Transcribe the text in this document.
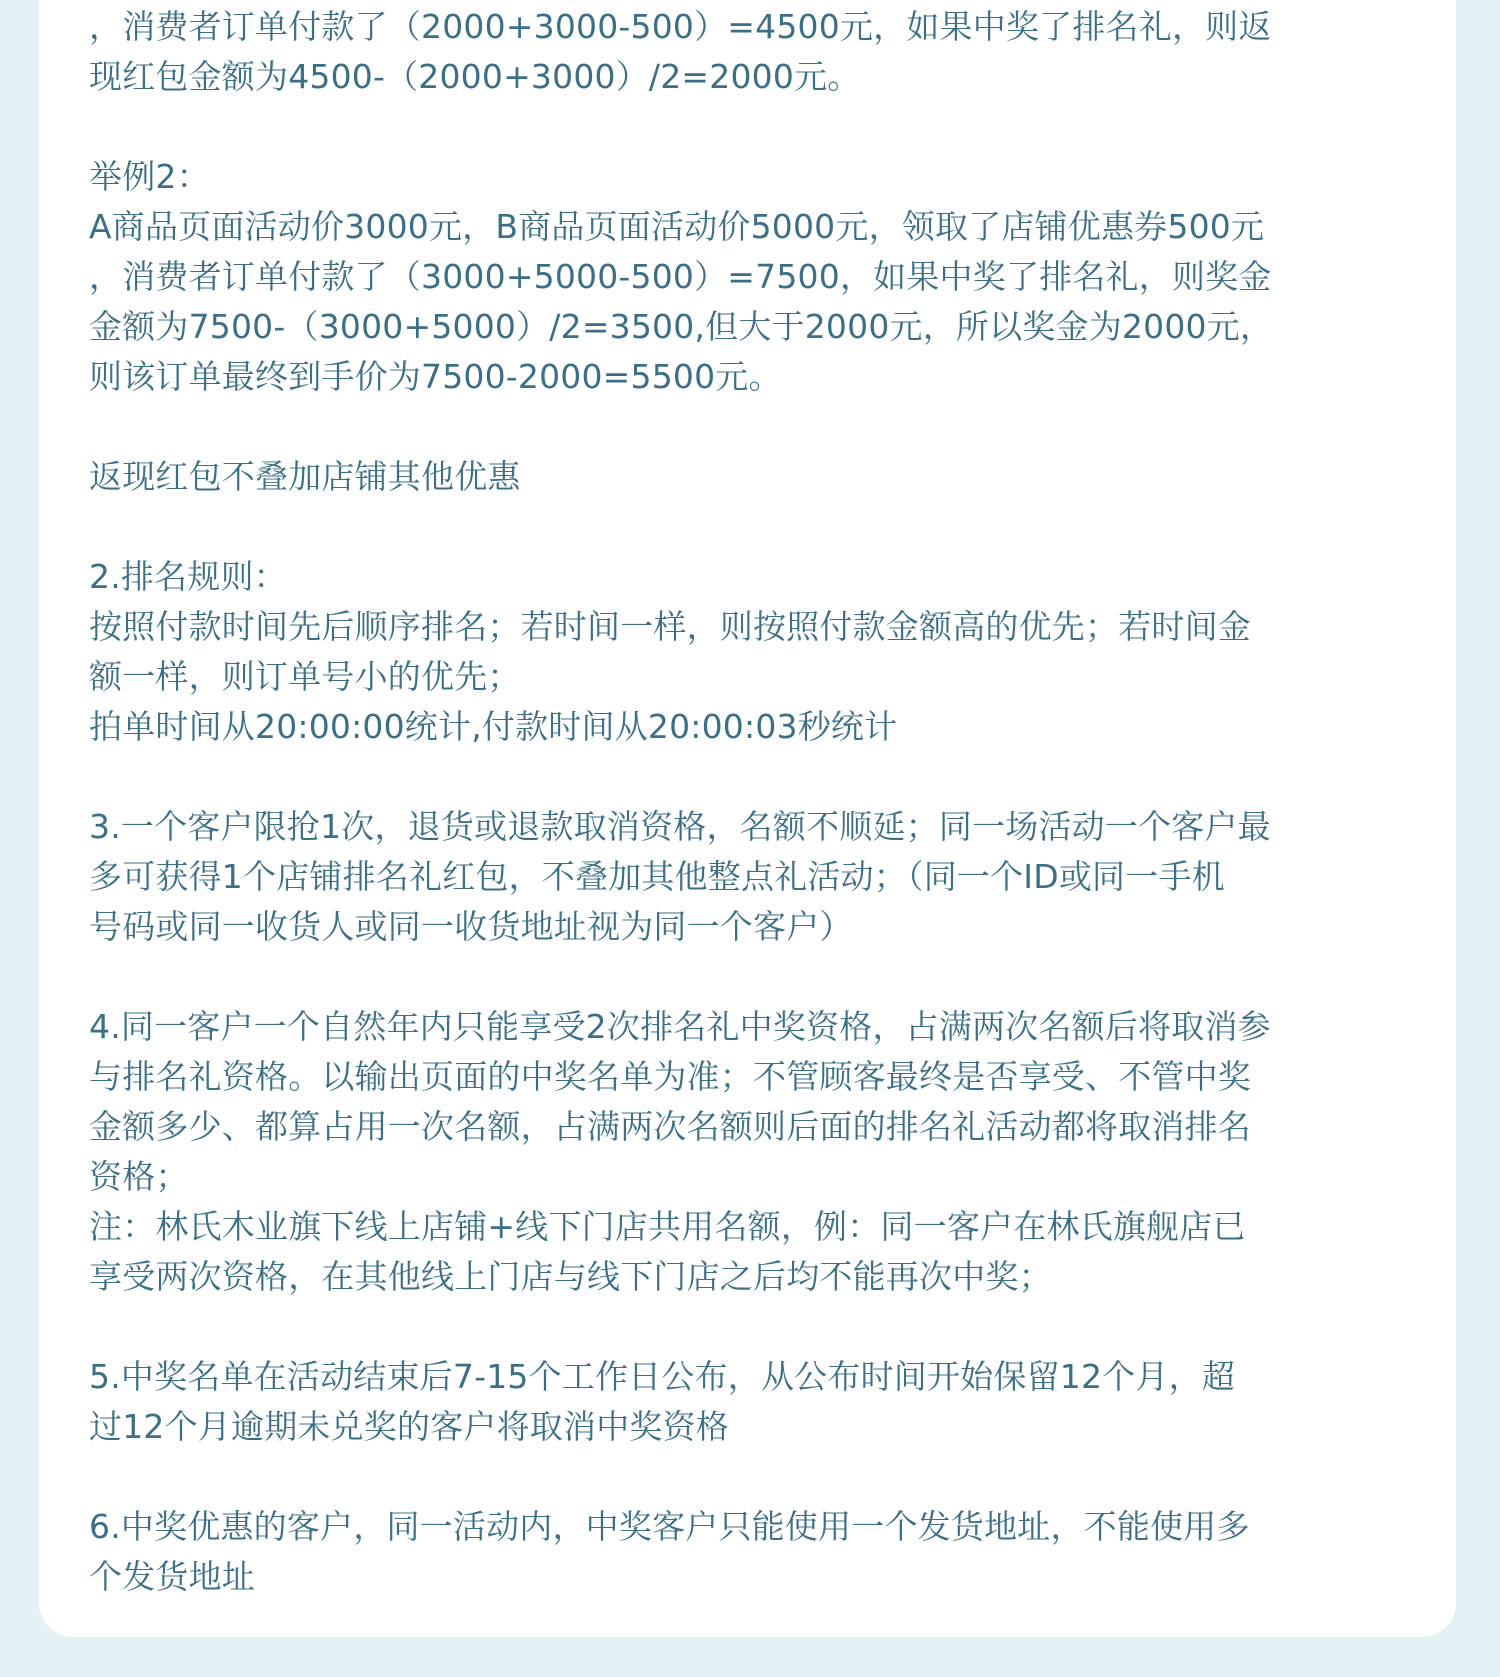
，消费者订单付款了（2000+3000-500）=4500元，如果中奖了排名礼，则返
现红包金额为4500-（2000+3000）/2=2000元。
举例2：
A商品页面活动价3000元，B商品页面活动价5000元，领取了店铺优惠券500元
，消费者订单付款了（3000+5000-500）=7500，如果中奖了排名礼，则奖金
金额为7500-（3000+5000）/2=3500,但大于2000元，所以奖金为2000元，
则该订单最终到手价为7500-2000=5500元。
返现红包不叠加店铺其他优惠
2.排名规则：
按照付款时间先后顺序排名；若时间一样，则按照付款金额高的优先；若时间金
额一样，则订单号小的优先；
拍单时间从20:00:00统计,付款时间从20:00:03秒统计
3.一个客户限抢1次，退货或退款取消资格，名额不顺延；同一场活动一个客户最
多可获得1个店铺排名礼红包，不叠加其他整点礼活动；（同一个ID或同一手机
号码或同一收货人或同一收货地址视为同一个客户）
4.同一客户一个自然年内只能享受2次排名礼中奖资格，占满两次名额后将取消参
与排名礼资格。以输出页面的中奖名单为准；不管顾客最终是否享受、不管中奖
金额多少、都算占用一次名额，占满两次名额则后面的排名礼活动都将取消排名
资格；
注：林氏木业旗下线上店铺+线下门店共用名额，例：同一客户在林氏旗舰店已
享受两次资格，在其他线上门店与线下门店之后均不能再次中奖；
5.中奖名单在活动结束后7-15个工作日公布，从公布时间开始保留12个月，超
过12个月逾期未兑奖的客户将取消中奖资格
6.中奖优惠的客户，同一活动内，中奖客户只能使用一个发货地址，不能使用多
个发货地址
